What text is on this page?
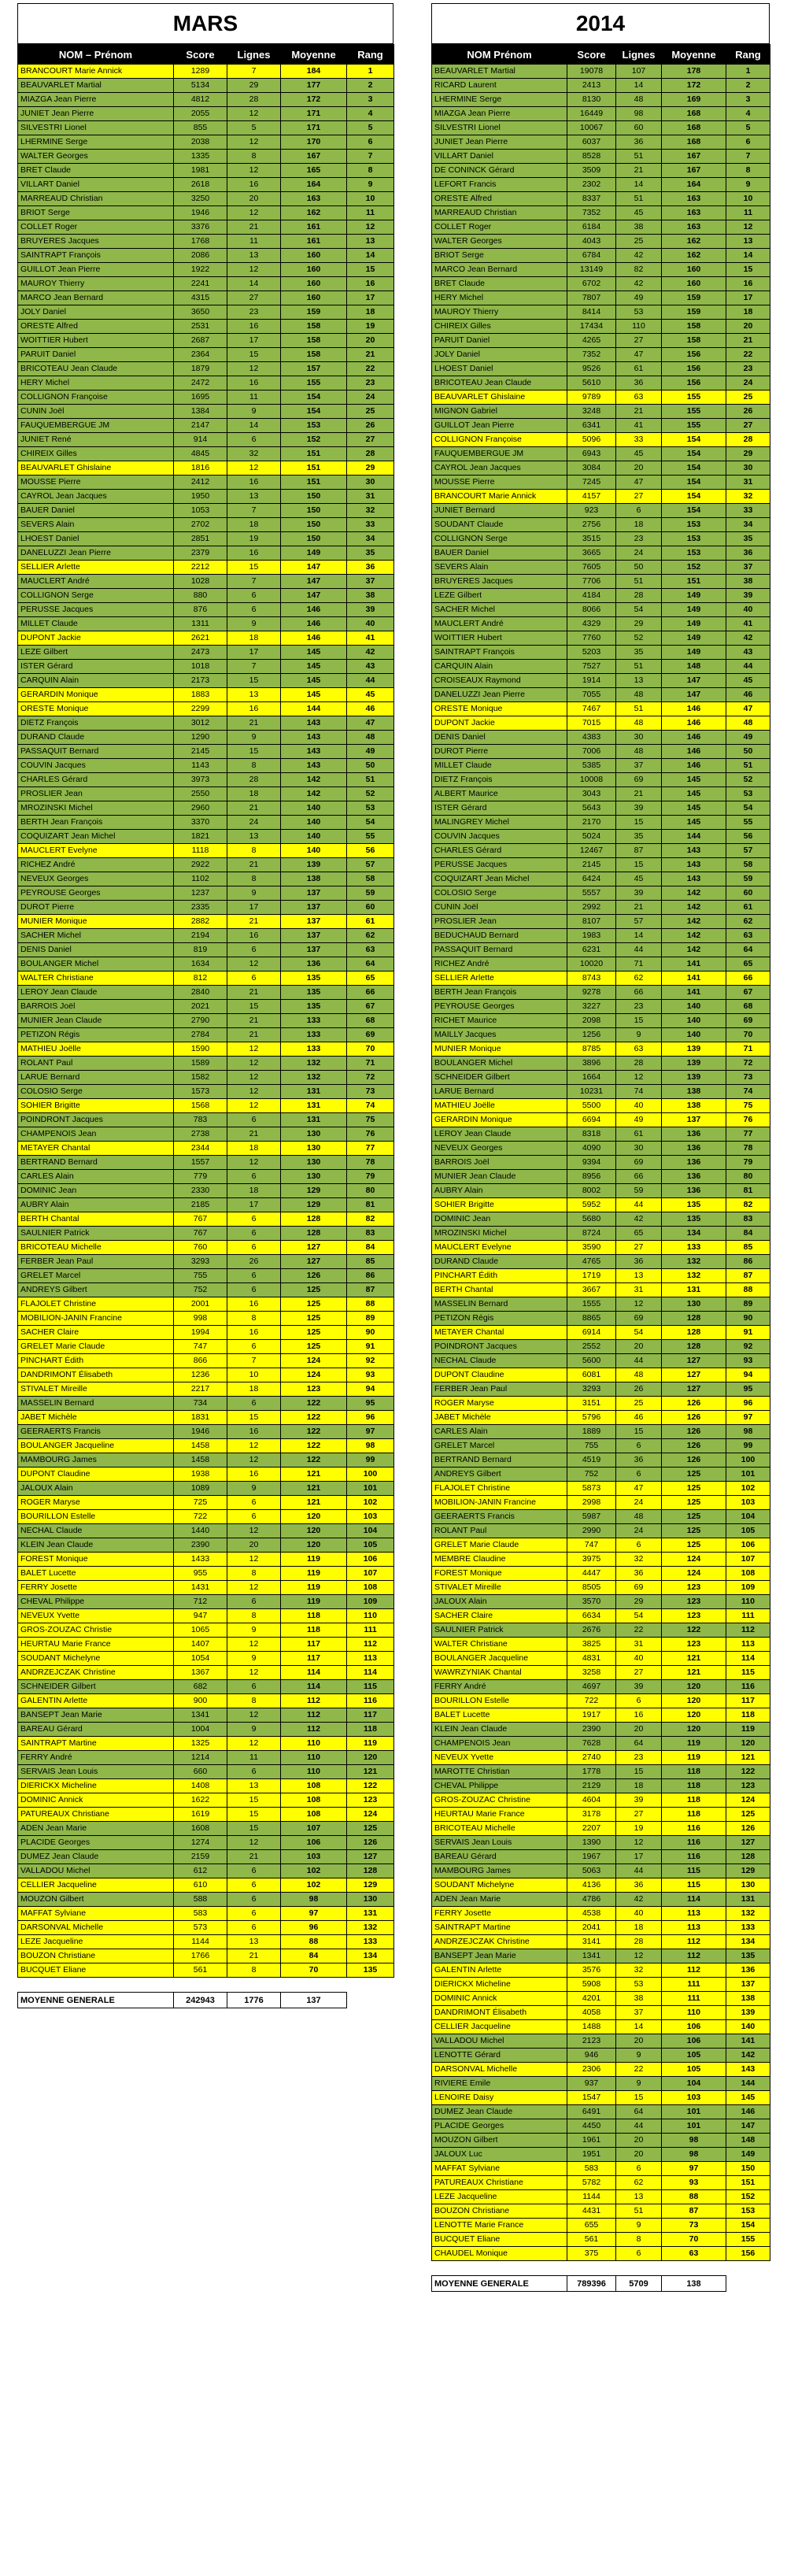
MARS
NOM – Prénom	Score	Lignes	Moyenne	Rang
BRANCOURT Marie Annick	1289	7	184	1
BEAUVARLET Martial	5134	29	177	2
MIAZGA Jean Pierre	4812	28	172	3
JUNIET Jean Pierre	2055	12	171	4
SILVESTRI Lionel	855	5	171	5
LHERMINE Serge	2038	12	170	6
WALTER Georges	1335	8	167	7
BRET Claude	1981	12	165	8
VILLART Daniel	2618	16	164	9
MARREAUD Christian	3250	20	163	10
BRIOT Serge	1946	12	162	11
COLLET Roger	3376	21	161	12
BRUYERES Jacques	1768	11	161	13
SAINTRAPT François	2086	13	160	14
GUILLOT Jean Pierre	1922	12	160	15
MAUROY Thierry	2241	14	160	16
MARCO Jean Bernard	4315	27	160	17
JOLY Daniel	3650	23	159	18
ORESTE Alfred	2531	16	158	19
WOITTIER Hubert	2687	17	158	20
PARUIT Daniel	2364	15	158	21
BRICOTEAU Jean Claude	1879	12	157	22
HERY Michel	2472	16	155	23
COLLIGNON Françoise	1695	11	154	24
CUNIN Joël	1384	9	154	25
FAUQUEMBERGUE JM	2147	14	153	26
JUNIET René	914	6	152	27
CHIREIX Gilles	4845	32	151	28
BEAUVARLET Ghislaine	1816	12	151	29
MOUSSE Pierre	2412	16	151	30
CAYROL Jean Jacques	1950	13	150	31
BAUER Daniel	1053	7	150	32
SEVERS Alain	2702	18	150	33
LHOEST Daniel	2851	19	150	34
DANELUZZI Jean Pierre	2379	16	149	35
SELLIER Arlette	2212	15	147	36
MAUCLERT André	1028	7	147	37
COLLIGNON Serge	880	6	147	38
PERUSSE Jacques	876	6	146	39
MILLET Claude	1311	9	146	40
DUPONT Jackie	2621	18	146	41
LEZE Gilbert	2473	17	145	42
ISTER Gérard	1018	7	145	43
CARQUIN Alain	2173	15	145	44
GERARDIN Monique	1883	13	145	45
ORESTE Monique	2299	16	144	46
DIETZ François	3012	21	143	47
DURAND Claude	1290	9	143	48
PASSAQUIT Bernard	2145	15	143	49
COUVIN Jacques	1143	8	143	50
CHARLES Gérard	3973	28	142	51
PROSLIER Jean	2550	18	142	52
MROZINSKI Michel	2960	21	140	53
BERTH Jean François	3370	24	140	54
COQUIZART Jean Michel	1821	13	140	55
MAUCLERT Evelyne	1118	8	140	56
RICHEZ André	2922	21	139	57
NEVEUX Georges	1102	8	138	58
PEYROUSE Georges	1237	9	137	59
DUROT Pierre	2335	17	137	60
MUNIER Monique	2882	21	137	61
SACHER Michel	2194	16	137	62
DENIS Daniel	819	6	137	63
BOULANGER Michel	1634	12	136	64
WALTER Christiane	812	6	135	65
LEROY Jean Claude	2840	21	135	66
BARROIS Joël	2021	15	135	67
MUNIER Jean Claude	2790	21	133	68
PETIZON Régis	2784	21	133	69
MATHIEU Joëlle	1590	12	133	70
ROLANT Paul	1589	12	132	71
LARUE Bernard	1582	12	132	72
COLOSIO Serge	1573	12	131	73
SOHIER Brigitte	1568	12	131	74
POINDRONT Jacques	783	6	131	75
CHAMPENOIS Jean	2738	21	130	76
METAYER Chantal	2344	18	130	77
BERTRAND Bernard	1557	12	130	78
CARLES Alain	779	6	130	79
DOMINIC Jean	2330	18	129	80
AUBRY Alain	2185	17	129	81
BERTH Chantal	767	6	128	82
SAULNIER Patrick	767	6	128	83
BRICOTEAU Michelle	760	6	127	84
FERBER Jean Paul	3293	26	127	85
GRELET Marcel	755	6	126	86
ANDREYS Gilbert	752	6	125	87
FLAJOLET Christine	2001	16	125	88
MOBILION-JANIN Francine	998	8	125	89
SACHER Claire	1994	16	125	90
GRELET Marie Claude	747	6	125	91
PINCHART Édith	866	7	124	92
DANDRIMONT Élisabeth	1236	10	124	93
STIVALET Mireille	2217	18	123	94
MASSELIN Bernard	734	6	122	95
JABET Michèle	1831	15	122	96
GEERAERTS Francis	1946	16	122	97
BOULANGER Jacqueline	1458	12	122	98
MAMBOURG James	1458	12	122	99
DUPONT Claudine	1938	16	121	100
JALOUX Alain	1089	9	121	101
ROGER Maryse	725	6	121	102
BOURILLON Estelle	722	6	120	103
NECHAL Claude	1440	12	120	104
KLEIN Jean Claude	2390	20	120	105
FOREST Monique	1433	12	119	106
BALET Lucette	955	8	119	107
FERRY Josette	1431	12	119	108
CHEVAL Philippe	712	6	119	109
NEVEUX Yvette	947	8	118	110
GROS-ZOUZAC Christie	1065	9	118	111
HEURTAU Marie France	1407	12	117	112
SOUDANT Michelyne	1054	9	117	113
ANDRZEJCZAK Christine	1367	12	114	114
SCHNEIDER Gilbert	682	6	114	115
GALENTIN Arlette	900	8	112	116
BANSEPT Jean Marie	1341	12	112	117
BAREAU Gérard	1004	9	112	118
SAINTRAPT Martine	1325	12	110	119
FERRY André	1214	11	110	120
SERVAIS Jean Louis	660	6	110	121
DIERICKX Micheline	1408	13	108	122
DOMINIC Annick	1622	15	108	123
PATUREAUX Christiane	1619	15	108	124
ADEN Jean Marie	1608	15	107	125
PLACIDE Georges	1274	12	106	126
DUMEZ Jean Claude	2159	21	103	127
VALLADOU Michel	612	6	102	128
CELLIER Jacqueline	610	6	102	129
MOUZON Gilbert	588	6	98	130
MAFFAT Sylviane	583	6	97	131
DARSONVAL Michelle	573	6	96	132
LEZE Jacqueline	1144	13	88	133
BOUZON Christiane	1766	21	84	134
BUCQUET Eliane	561	8	70	135
MOYENNE GENERALE	242943	1776	137
2014
NOM Prénom	Score	Lignes	Moyenne	Rang
BEAUVARLET Martial	19078	107	178	1
RICARD Laurent	2413	14	172	2
LHERMINE Serge	8130	48	169	3
MIAZGA Jean Pierre	16449	98	168	4
SILVESTRI Lionel	10067	60	168	5
JUNIET Jean Pierre	6037	36	168	6
VILLART Daniel	8528	51	167	7
DE CONINCK Gérard	3509	21	167	8
LEFORT Francis	2302	14	164	9
ORESTE Alfred	8337	51	163	10
MARREAUD Christian	7352	45	163	11
COLLET Roger	6184	38	163	12
WALTER Georges	4043	25	162	13
BRIOT Serge	6784	42	162	14
MARCO Jean Bernard	13149	82	160	15
BRET Claude	6702	42	160	16
HERY Michel	7807	49	159	17
MAUROY Thierry	8414	53	159	18
CHIREIX Gilles	17434	110	158	20
PARUIT Daniel	4265	27	158	21
JOLY Daniel	7352	47	156	22
LHOEST Daniel	9526	61	156	23
BRICOTEAU Jean Claude	5610	36	156	24
BEAUVARLET Ghislaine	9789	63	155	25
MIGNON Gabriel	3248	21	155	26
GUILLOT Jean Pierre	6341	41	155	27
COLLIGNON Françoise	5096	33	154	28
FAUQUEMBERGUE JM	6943	45	154	29
CAYROL Jean Jacques	3084	20	154	30
MOUSSE Pierre	7245	47	154	31
BRANCOURT Marie Annick	4157	27	154	32
JUNIET Bernard	923	6	154	33
SOUDANT Claude	2756	18	153	34
COLLIGNON Serge	3515	23	153	35
BAUER Daniel	3665	24	153	36
SEVERS Alain	7605	50	152	37
BRUYERES Jacques	7706	51	151	38
LEZE Gilbert	4184	28	149	39
SACHER Michel	8066	54	149	40
MAUCLERT André	4329	29	149	41
WOITTIER Hubert	7760	52	149	42
SAINTRAPT François	5203	35	149	43
CARQUIN Alain	7527	51	148	44
CROISEAUX Raymond	1914	13	147	45
DANELUZZI Jean Pierre	7055	48	147	46
ORESTE Monique	7467	51	146	47
DUPONT Jackie	7015	48	146	48
DENIS Daniel	4383	30	146	49
DUROT Pierre	7006	48	146	50
MILLET Claude	5385	37	146	51
DIETZ François	10008	69	145	52
ALBERT Maurice	3043	21	145	53
ISTER Gérard	5643	39	145	54
MALINGREY Michel	2170	15	145	55
COUVIN Jacques	5024	35	144	56
CHARLES Gérard	12467	87	143	57
PERUSSE Jacques	2145	15	143	58
COQUIZART Jean Michel	6424	45	143	59
COLOSIO Serge	5557	39	142	60
CUNIN Joël	2992	21	142	61
PROSLIER Jean	8107	57	142	62
BEDUCHAUD Bernard	1983	14	142	63
PASSAQUIT Bernard	6231	44	142	64
RICHEZ André	10020	71	141	65
SELLIER Arlette	8743	62	141	66
BERTH Jean François	9278	66	141	67
PEYROUSE Georges	3227	23	140	68
RICHET Maurice	2098	15	140	69
MAILLY Jacques	1256	9	140	70
MUNIER Monique	8785	63	139	71
BOULANGER Michel	3896	28	139	72
SCHNEIDER Gilbert	1664	12	139	73
LARUE Bernard	10231	74	138	74
MATHIEU Joëlle	5500	40	138	75
GERARDIN Monique	6694	49	137	76
LEROY Jean Claude	8318	61	136	77
NEVEUX Georges	4090	30	136	78
BARROIS Joël	9394	69	136	79
MUNIER Jean Claude	8956	66	136	80
AUBRY Alain	8002	59	136	81
SOHIER Brigitte	5952	44	135	82
DOMINIC Jean	5680	42	135	83
MROZINSKI Michel	8724	65	134	84
MAUCLERT Evelyne	3590	27	133	85
DURAND Claude	4765	36	132	86
PINCHART Édith	1719	13	132	87
BERTH Chantal	3667	31	131	88
MASSELIN Bernard	1555	12	130	89
PETIZON Régis	8865	69	128	90
METAYER Chantal	6914	54	128	91
POINDRONT Jacques	2552	20	128	92
NECHAL Claude	5600	44	127	93
DUPONT Claudine	6081	48	127	94
FERBER Jean Paul	3293	26	127	95
ROGER Maryse	3151	25	126	96
JABET Michèle	5796	46	126	97
CARLES Alain	1889	15	126	98
GRELET Marcel	755	6	126	99
BERTRAND Bernard	4519	36	126	100
ANDREYS Gilbert	752	6	125	101
FLAJOLET Christine	5873	47	125	102
MOBILION-JANIN Francine	2998	24	125	103
GEERAERTS Francis	5987	48	125	104
ROLANT Paul	2990	24	125	105
GRELET Marie Claude	747	6	125	106
MEMBRE Claudine	3975	32	124	107
FOREST Monique	4447	36	124	108
STIVALET Mireille	8505	69	123	109
JALOUX Alain	3570	29	123	110
SACHER Claire	6634	54	123	111
SAULNIER Patrick	2676	22	122	112
WALTER Christiane	3825	31	123	113
BOULANGER Jacqueline	4831	40	121	114
WAWRZYNIAK Chantal	3258	27	121	115
FERRY André	4697	39	120	116
BOURILLON Estelle	722	6	120	117
BALET Lucette	1917	16	120	118
KLEIN Jean Claude	2390	20	120	119
CHAMPENOIS Jean	7628	64	119	120
NEVEUX Yvette	2740	23	119	121
MAROTTE Christian	1778	15	118	122
CHEVAL Philippe	2129	18	118	123
GROS-ZOUZAC Christine	4604	39	118	124
HEURTAU Marie France	3178	27	118	125
BRICOTEAU Michelle	2207	19	116	126
SERVAIS Jean Louis	1390	12	116	127
BAREAU Gérard	1967	17	116	128
MAMBOURG James	5063	44	115	129
SOUDANT Michelyne	4136	36	115	130
ADEN Jean Marie	4786	42	114	131
FERRY Josette	4538	40	113	132
SAINTRAPT Martine	2041	18	113	133
ANDRZEJCZAK Christine	3141	28	112	134
BANSEPT Jean Marie	1341	12	112	135
GALENTIN Arlette	3576	32	112	136
DIERICKX Micheline	5908	53	111	137
DOMINIC Annick	4201	38	111	138
DANDRIMONT Élisabeth	4058	37	110	139
CELLIER Jacqueline	1488	14	106	140
VALLADOU Michel	2123	20	106	141
LENOTTE Gérard	946	9	105	142
DARSONVAL Michelle	2306	22	105	143
RIVIERE Emile	937	9	104	144
LENOIRE Daisy	1547	15	103	145
DUMEZ Jean Claude	6491	64	101	146
PLACIDE Georges	4450	44	101	147
MOUZON Gilbert	1961	20	98	148
JALOUX Luc	1951	20	98	149
MAFFAT Sylviane	583	6	97	150
PATUREAUX Christiane	5782	62	93	151
LEZE Jacqueline	1144	13	88	152
BOUZON Christiane	4431	51	87	153
LENOTTE Marie France	655	9	73	154
BUCQUET Eliane	561	8	70	155
CHAUDEL Monique	375	6	63	156
MOYENNE GENERALE	789396	5709	138
